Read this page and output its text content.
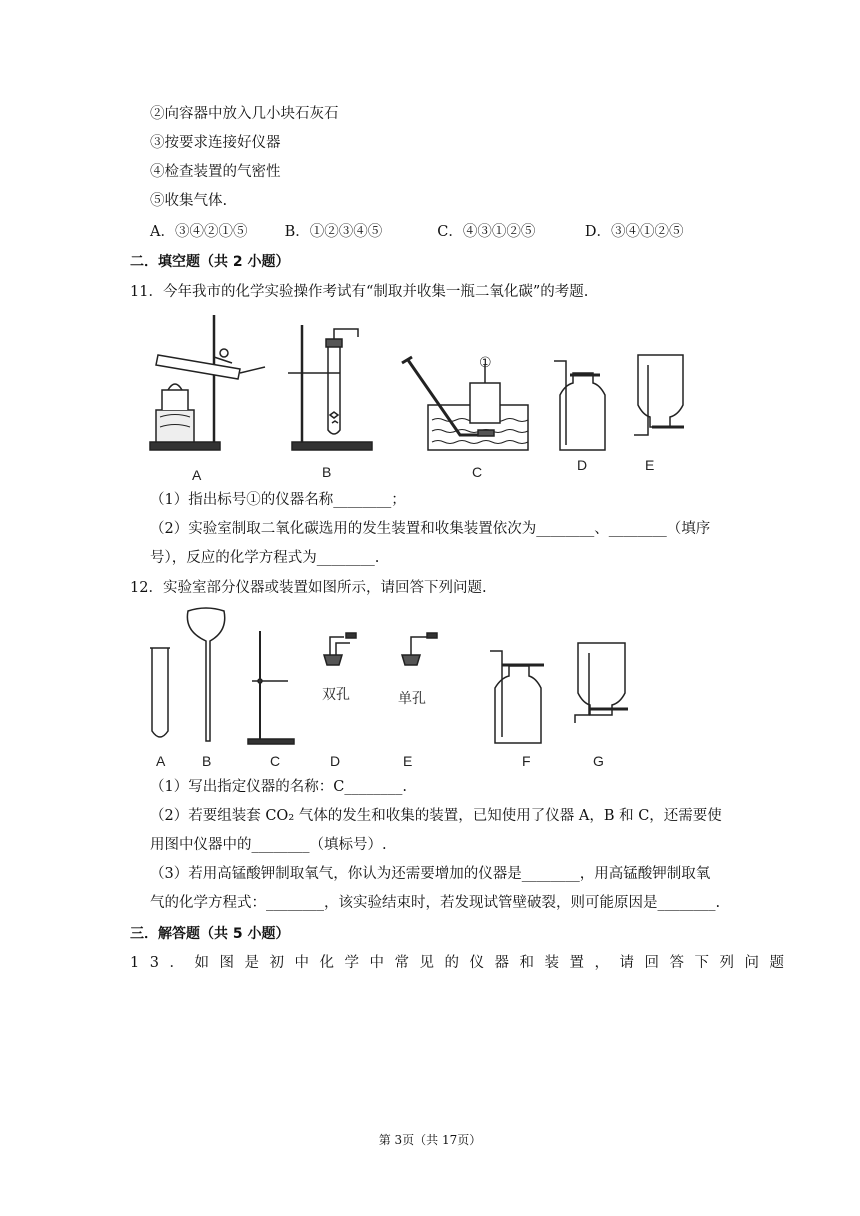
②向容器中放入几小块石灰石
③按要求连接好仪器
④检查装置的气密性
⑤收集气体.
A．③④②①⑤	B．①②③④⑤	C．④③①②⑤	D．③④①②⑤
二．填空题（共 2 小题）
11．今年我市的化学实验操作考试有“制取并收集一瓶二氧化碳”的考题.
①
A	B	C	D	E
（1）指出标号①的仪器名称________；
（2）实验室制取二氧化碳选用的发生装置和收集装置依次为________、________（填序
号），反应的化学方程式为________.
12．实验室部分仪器或装置如图所示，请回答下列问题.
双孔	单孔
A	B	C	D	E	F	G
（1）写出指定仪器的名称：C________.
（2）若要组装套 CO₂ 气体的发生和收集的装置，已知使用了仪器 A，B 和 C，还需要使
用图中仪器中的________（填标号）.
（3）若用高锰酸钾制取氧气，你认为还需要增加的仪器是________，用高锰酸钾制取氧
气的化学方程式：________，该实验结束时，若发现试管壁破裂，则可能原因是________.
三．解答题（共 5 小题）
13．如图是初中化学中常见的仪器和装置，请回答下列问题
第 3页（共 17页）
